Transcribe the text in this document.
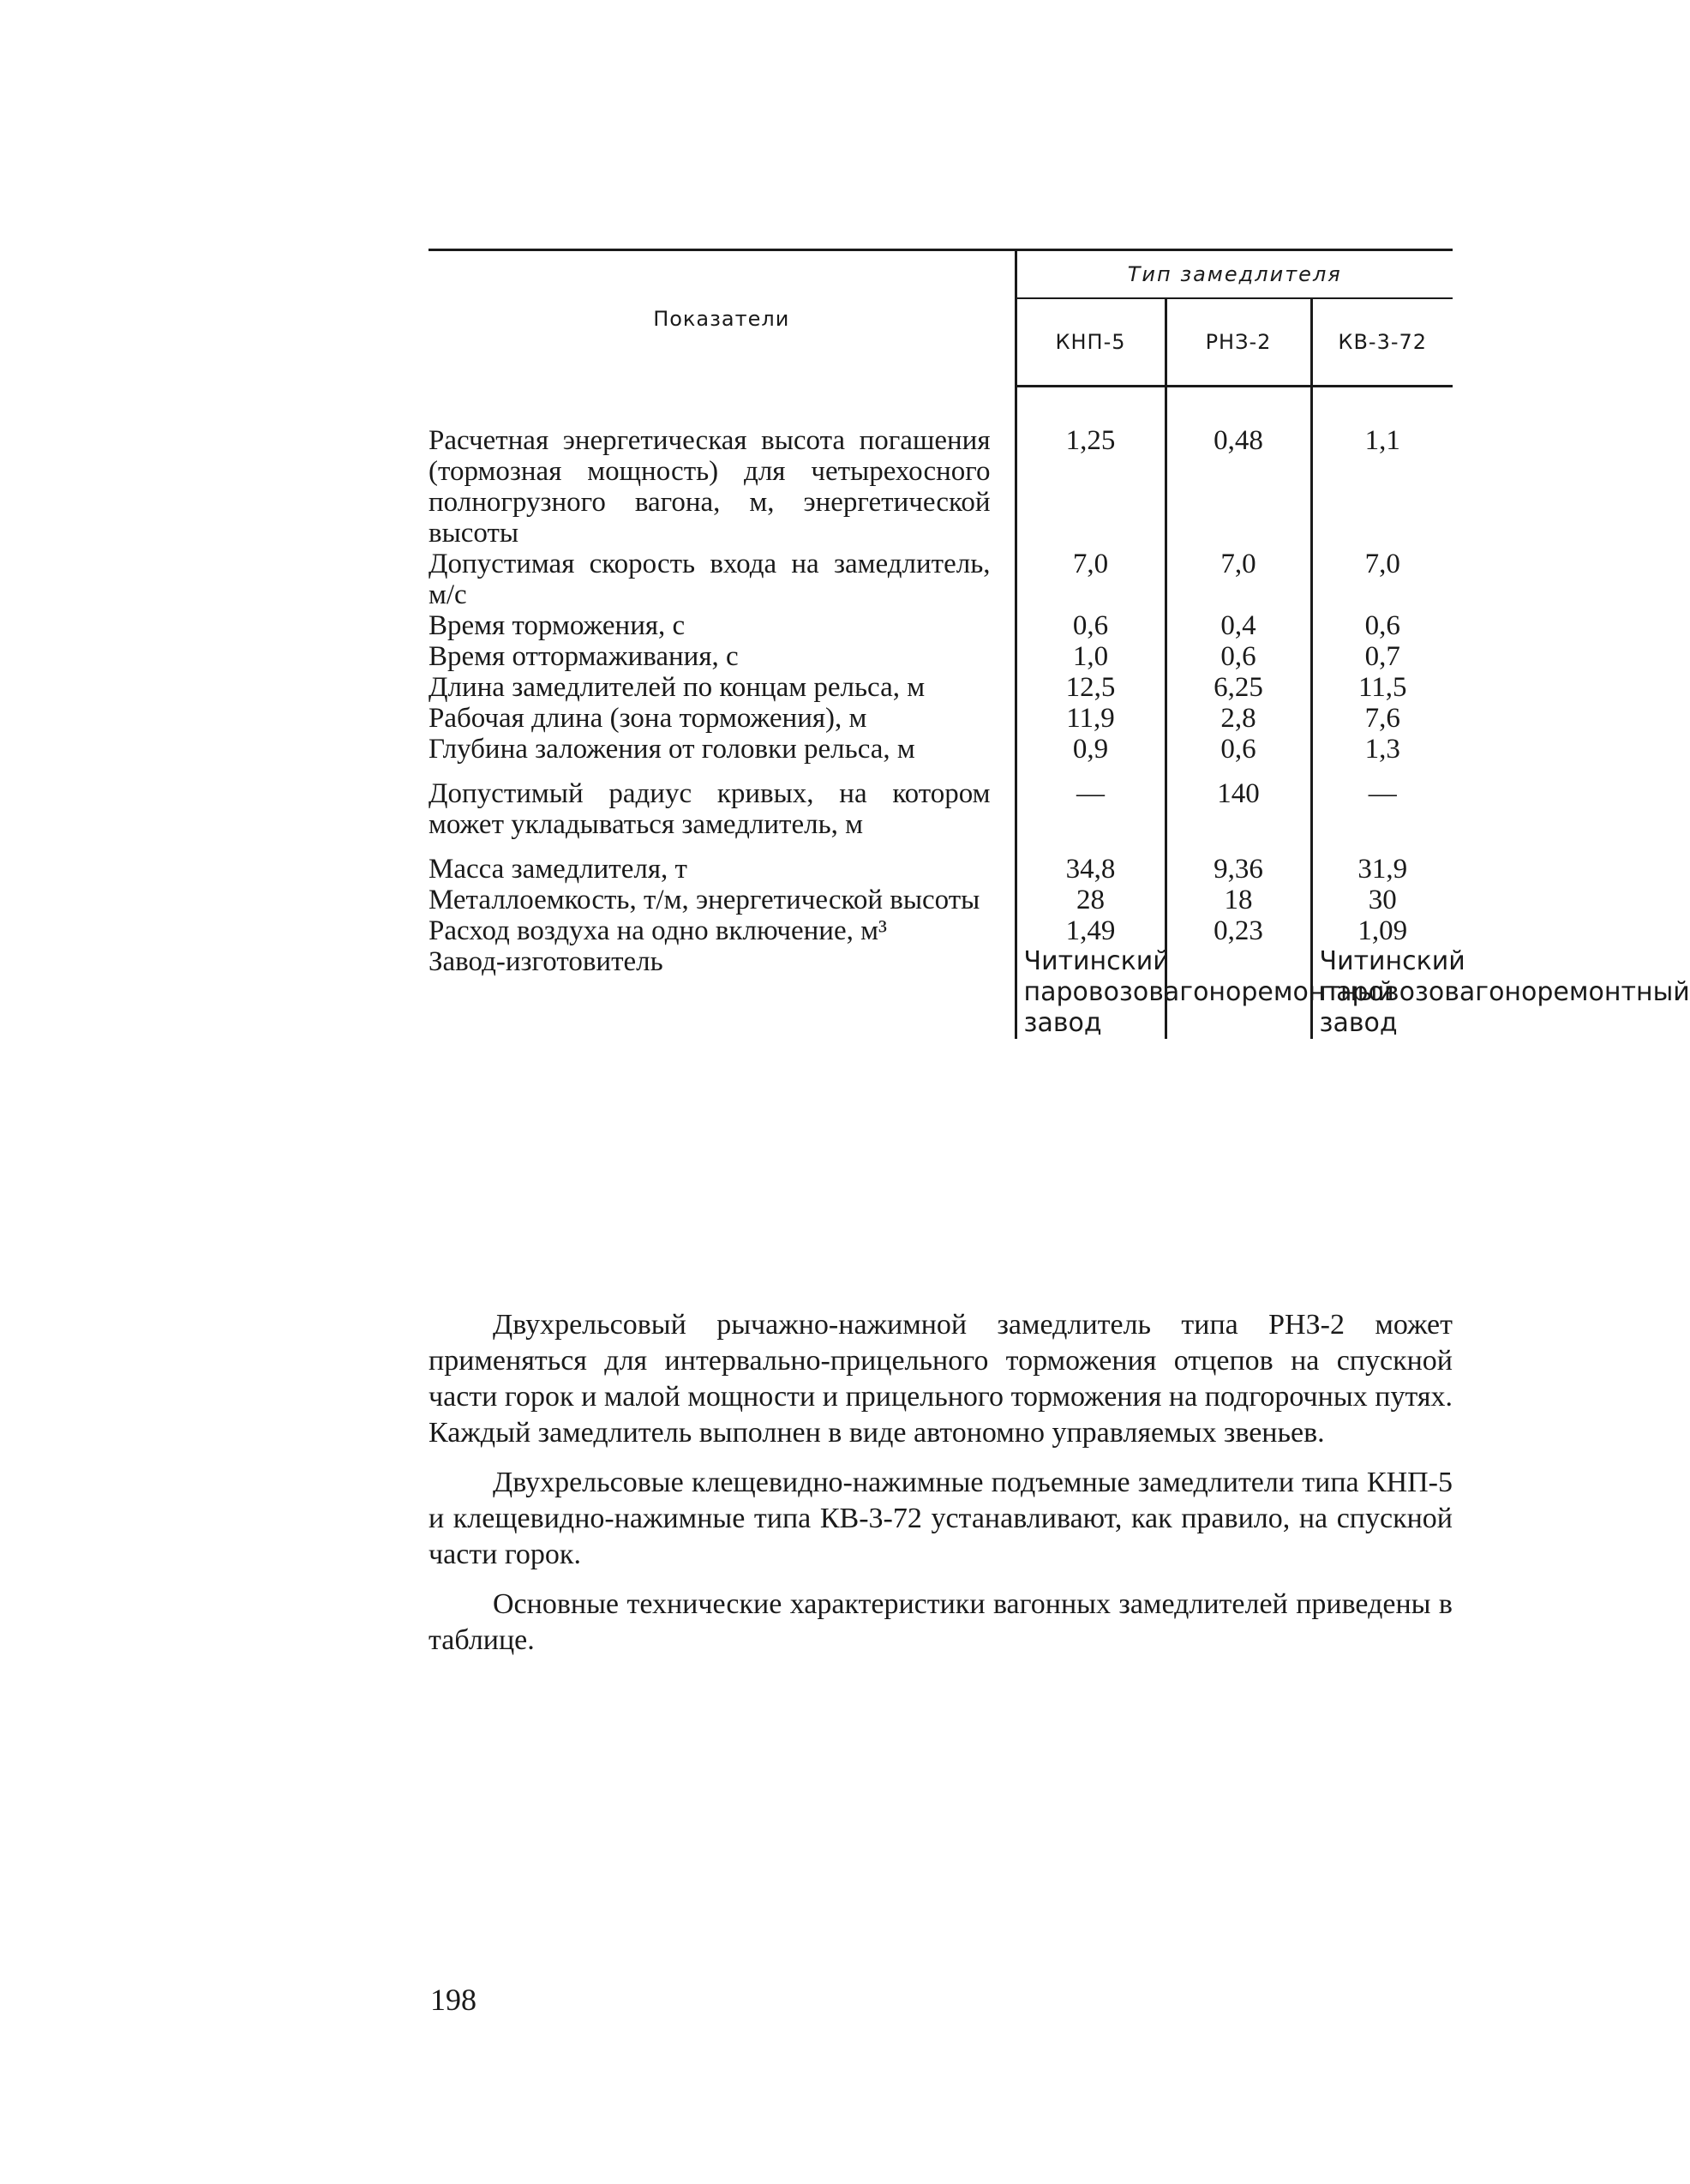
Показатели	Тип замедлителя		
	КНП-5	РНЗ-2	КВ-3-72

Расчетная энергетическая высота погашения (тормозная мощность) для четырехосного полногрузного вагона, м, энергетической высоты	1,25	0,48	1,1
Допустимая скорость входа на замедлитель, м/с	7,0	7,0	7,0
Время торможения, с	0,6	0,4	0,6
Время оттормаживания, с	1,0	0,6	0,7
Длина замедлителей по концам рельса, м	12,5	6,25	11,5
Рабочая длина (зона торможения), м	11,9	2,8	7,6
Глубина заложения от головки рельса, м	0,9	0,6	1,3
Допустимый радиус кривых, на котором может укладываться замедлитель, м	—	140	—
Масса замедлителя, т	34,8	9,36	31,9
Металлоемкость, т/м, энергетической высоты	28	18	30
Расход воздуха на одно включение, м³	1,49	0,23	1,09
Завод-изготовитель	Читинский паровозовагоноремонтный завод		Читинский паровозовагоноремонтный завод

Двухрельсовый рычажно-нажимной замедлитель типа РНЗ-2 может применяться для интервально-прицельного торможения отцепов на спускной части горок и малой мощности и прицельного торможения на подгорочных путях. Каждый замедлитель выполнен в виде автономно управляемых звеньев.

Двухрельсовые клещевидно-нажимные подъемные замедлители типа КНП-5 и клещевидно-нажимные типа КВ-3-72 устанавливают, как правило, на спускной части горок.

Основные технические характеристики вагонных замедлителей приведены в таблице.

198
